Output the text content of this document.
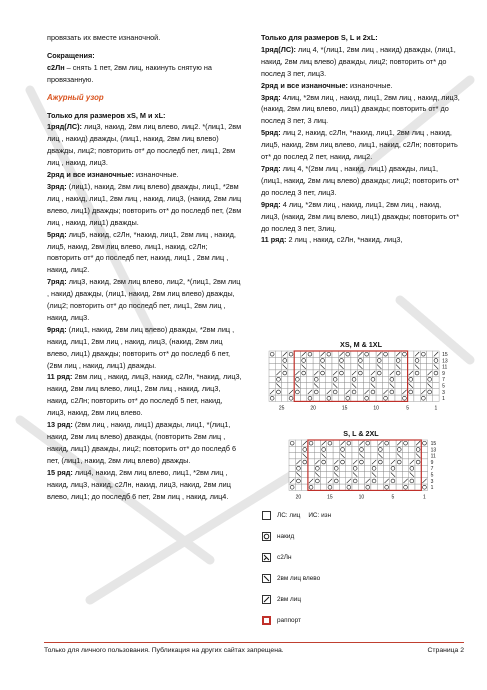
провязать их вместе изнаночной.

Сокращения:

с2Лн – снять 1 пет, 2вм лиц, накинуть снятую на провязанную.

Ажурный узор

Только для размеров xS, M и xL:

1ряд(ЛС): лиц3, накид, 2вм лиц влево, лиц2. *(лиц1, 2вм лиц , накид) дважды, (лиц1, накид, 2вм лиц влево) дважды, лиц2; повторить от* до последб пет, лиц1, 2вм лиц , накид, лиц3.

2ряд и все изнаночные: изнаночные.

3ряд: (лиц1), накид, 2вм лиц влево) дважды, лиц1, *2вм лиц , накид, лиц1, 2вм лиц , накид, лиц3, (накид, 2вм лиц влево, лиц1) дважды; повторить от* до последб пет, (2вм лиц , накид, лиц1) дважды.

5ряд: лиц5, накид, с2Лн, *накид, лиц1, 2вм лиц , накид, лиц5, накид, 2вм лиц влево, лиц1, накид, с2Лн; повторить от* до последб пет, накид, лиц1 , 2вм лиц , накид, лиц2.

7ряд: лиц3, накид, 2вм лиц влево, лиц2, *(лиц1, 2вм лиц , накид) дважды, (лиц1, накид, 2вм лиц влево) дважды, (лиц2; повторить от* до последб пет, лиц1, 2вм лиц , накид, лиц3.

9ряд: (лиц1, накид, 2вм лиц влево) дважды, *2вм лиц , накид, лиц1, 2вм лиц , накид, лиц3, (накид, 2вм лиц влево, лиц1) дважды; повторить от* до последб 6 пет, (2вм лиц , накид, лиц1) дважды.

11 ряд: 2вм лиц , накид, лиц3, накид, с2Лн, *накид, лиц3, накид, 2вм лиц влево, лиц1, 2вм лиц , накид, лиц3, накид, с2Лн; повторить от* до последб 5 пет, накид, лиц3, накид, 2вм лиц влево.

13 ряд: (2вм лиц , накид, лиц1) дважды, лиц1, *(лиц1, накид, 2вм лиц влево) дважды, (повторить 2вм лиц , накид, лиц1) дважды, лиц2; повторить от* до последб 6 пет, (лиц1, накид, 2вм лиц влево) дважды.

15 ряд: лиц4, накид, 2вм лиц влево, лиц1, *2вм лиц , накид, лиц3, накид, с2Лн, накид, лиц3, накид, 2вм лиц влево, лиц1; до последб 6 пет, 2вм лиц , накид, лиц4.

Только для размеров S, L и 2xL:

1ряд(ЛС): лиц 4, *(лиц1, 2вм лиц , накид) дважды, (лиц1, накид, 2вм лиц влево) дважды, лиц2; повторить от* до послед 3 пет, лиц3.

2ряд и все изнаночные: изнаночные.

3ряд: 4лиц, *2вм лиц , накид, лиц1, 2вм лиц , накид, лиц3, (накид, 2вм лиц влево, лиц1) дважды; повторить от* до послед 3 пет, 3 лиц.

5ряд: лиц 2, накид, с2Лн, *накид, лиц1, 2вм лиц , накид, лиц5, накид, 2вм лиц влево, лиц1, накид, с2Лн; повторить от* до послед 2 пет, накид, лиц2.

7ряд: лиц 4, *(2вм лиц , накид, лиц1) дважды, лиц1, (лиц1, накид, 2вм лиц влево) дважды; лиц2; повторить от* до послед 3 пет, лиц3.

9ряд: 4 лиц, *2вм лиц , накид, лиц1, 2вм лиц , накид, лиц3, (накид, 2вм лиц влево, лиц1) дважды; повторить от* до послед 3 пет, 3лиц.

11 ряд: 2 лиц , накид, с2Лн, *накид, лиц3,

XS, M & 1XL
15
13
11
9
7
5
3
1
25	20	15	10	5	1
S, L & 2XL
15
13
11
9
7
5
3
1
20	15	10	5	1
ЛС: лиц ИС: изн
накид
с2Лн
2вм лиц влево
2вм лиц
раппорт
Только для личного пользования. Публикация на других сайтах запрещена.	Страница 2
